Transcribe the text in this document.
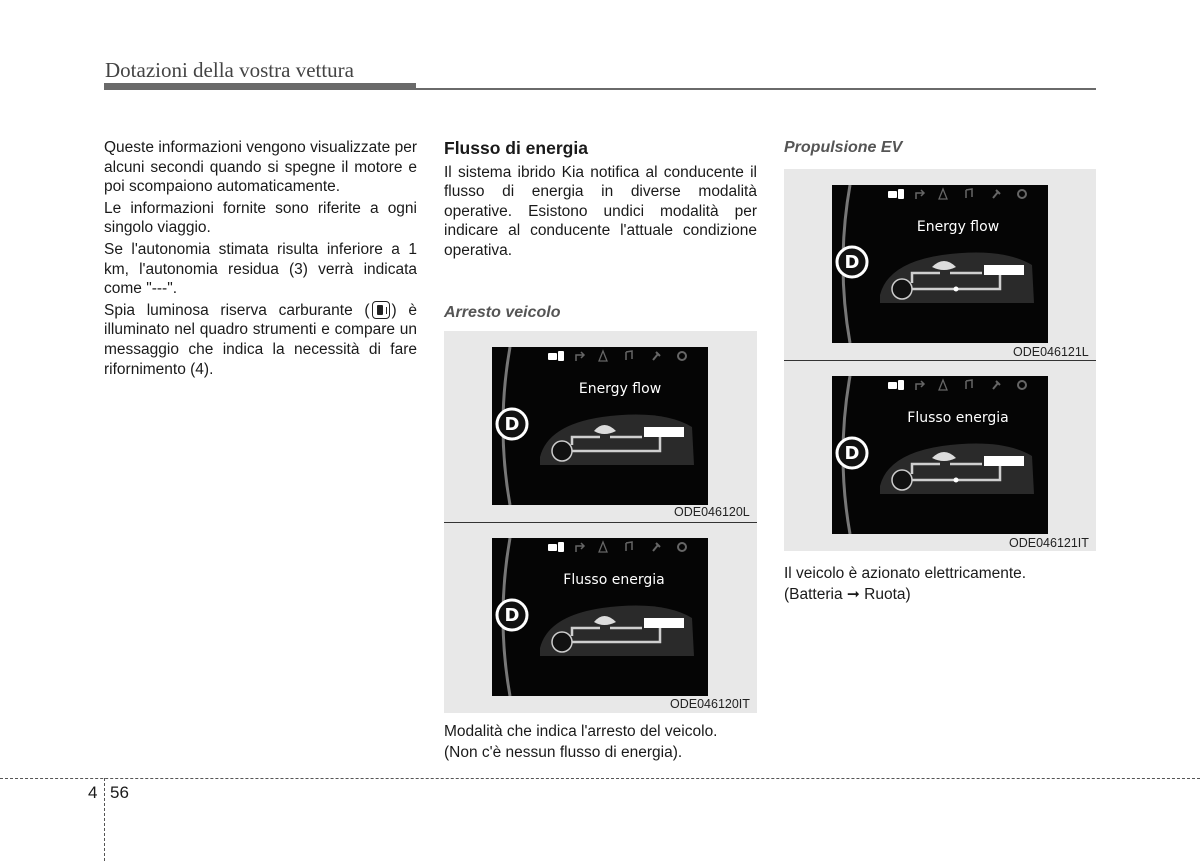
Dotazioni della vostra vettura

Queste informazioni vengono visualizzate per alcuni secondi quando si spegne il motore e poi scompaiono automaticamente.

Le informazioni fornite sono riferite a ogni singolo viaggio.

Se l'autonomia stimata risulta inferiore a 1 km, l'autonomia residua (3) verrà indicata come "---".

Spia luminosa riserva carburante ( ) è illuminato nel quadro strumenti e compare un messaggio che indica la necessità di fare rifornimento (4).

Flusso di energia

Il sistema ibrido Kia notifica al conducente il flusso di energia in diverse modalità operative. Esistono undici modalità per indicare al conducente l'attuale condizione operativa.

Arresto veicolo
Energy flow
D
ODE046120L
Flusso energia
D
ODE046120IT
Modalità che indica l'arresto del veicolo.
(Non c'è nessun flusso di energia).
Propulsione EV
Energy flow
D
ODE046121L
Flusso energia
D
ODE046121IT
Il veicolo è azionato elettricamente.
(Batteria ➞ Ruota)
4 56
